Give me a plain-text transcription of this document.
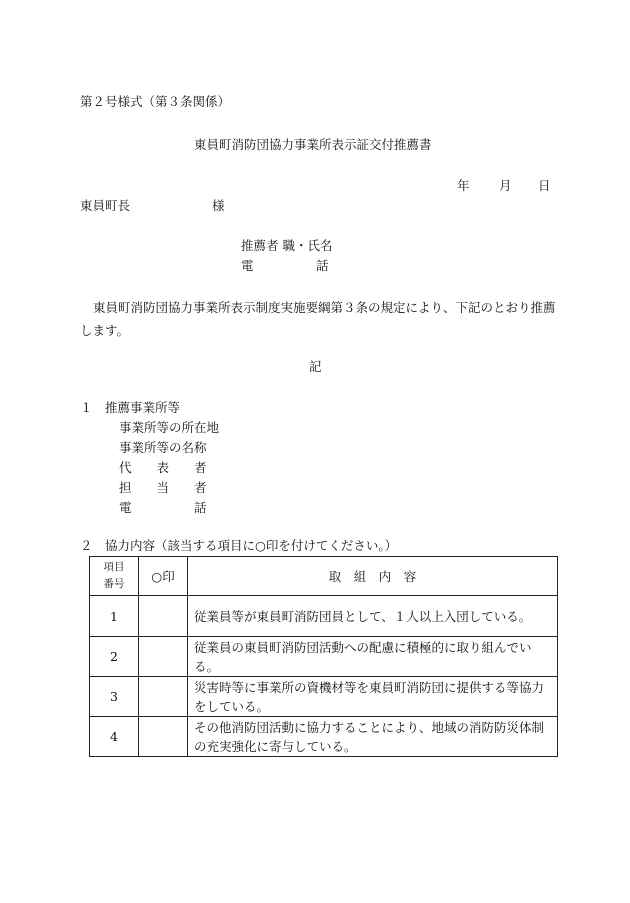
第２号様式（第３条関係）
東員町消防団協力事業所表示証交付推薦書
年 月 日
東員町長	様
推薦者 職・氏名
電　　　　　話
東員町消防団協力事業所表示制度実施要綱第３条の規定により、下記のとおり推薦します。
記
１　推薦事業所等
事業所等の所在地
事業所等の名称
代　　表　　者
担　　当　　者
電　　　　　話
２　協力内容（該当する項目に○印を付けてください。）
項目
番号	○印	取　組　内　容
1		従業員等が東員町消防団員として、１人以上入団している。
2		従業員の東員町消防団活動への配慮に積極的に取り組んでいる。
3		災害時等に事業所の資機材等を東員町消防団に提供する等協力をしている。
4		その他消防団活動に協力することにより、地域の消防防災体制の充実強化に寄与している。
